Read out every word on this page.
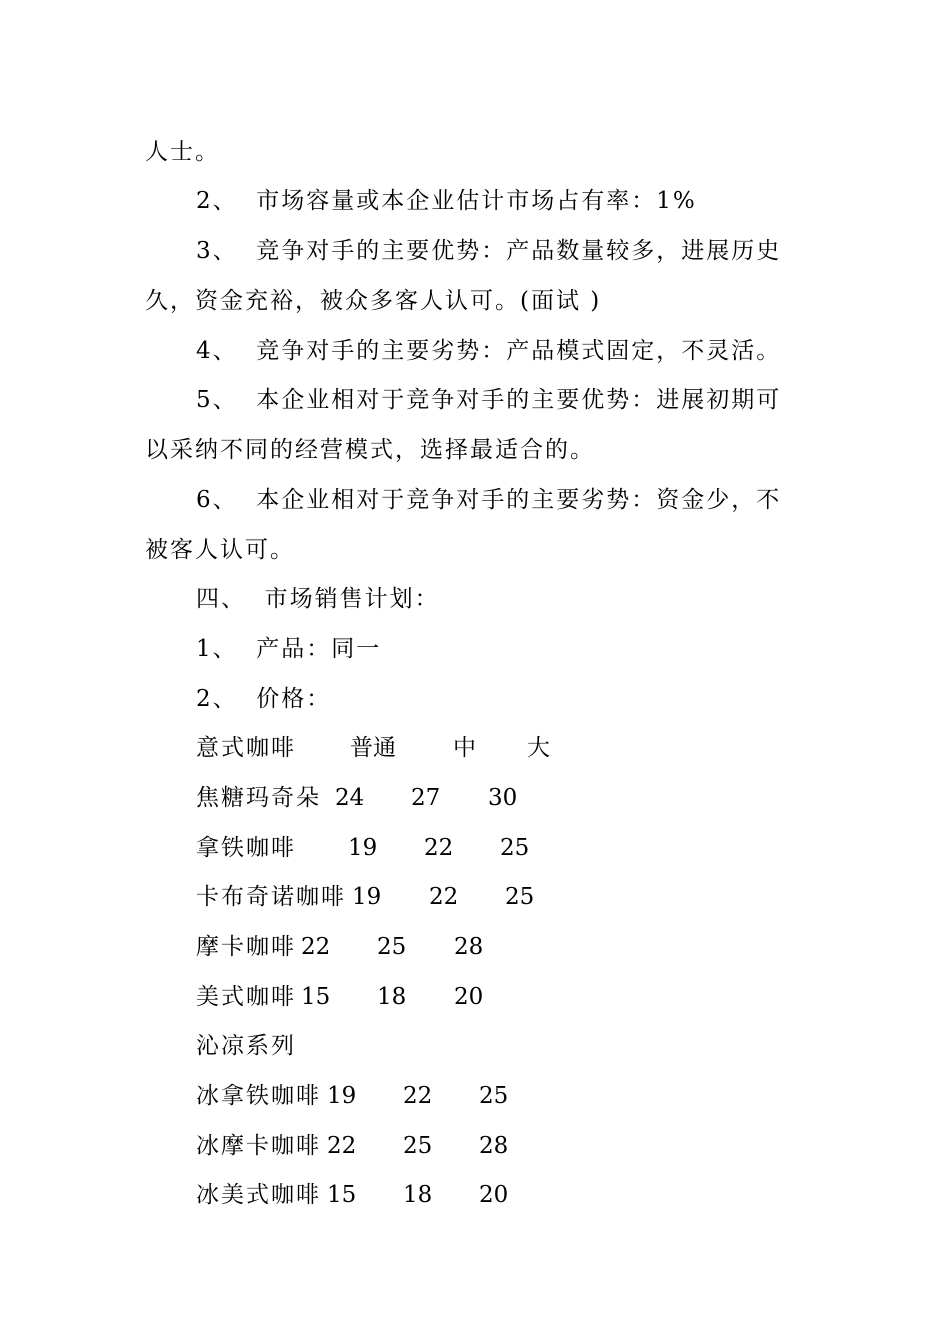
人士。
2、  市场容量或本企业估计市场占有率：1%
3、  竞争对手的主要优势：产品数量较多，进展历史
久，资金充裕，被众多客人认可。(面试 )
4、  竞争对手的主要劣势：产品模式固定，不灵活。
5、  本企业相对于竞争对手的主要优势：进展初期可
以采纳不同的经营模式，选择最适合的。
6、  本企业相对于竞争对手的主要劣势：资金少，不
被客人认可。
四、  市场销售计划：
1、  产品：同一
2、  价格：
意式咖啡 普通 中 大
焦糖玛奇朵 24 27 30
拿铁咖啡 19 22 25
卡布奇诺咖啡 19 22 25
摩卡咖啡 22 25 28
美式咖啡 15 18 20
沁凉系列
冰拿铁咖啡 19 22 25
冰摩卡咖啡 22 25 28
冰美式咖啡 15 18 20
